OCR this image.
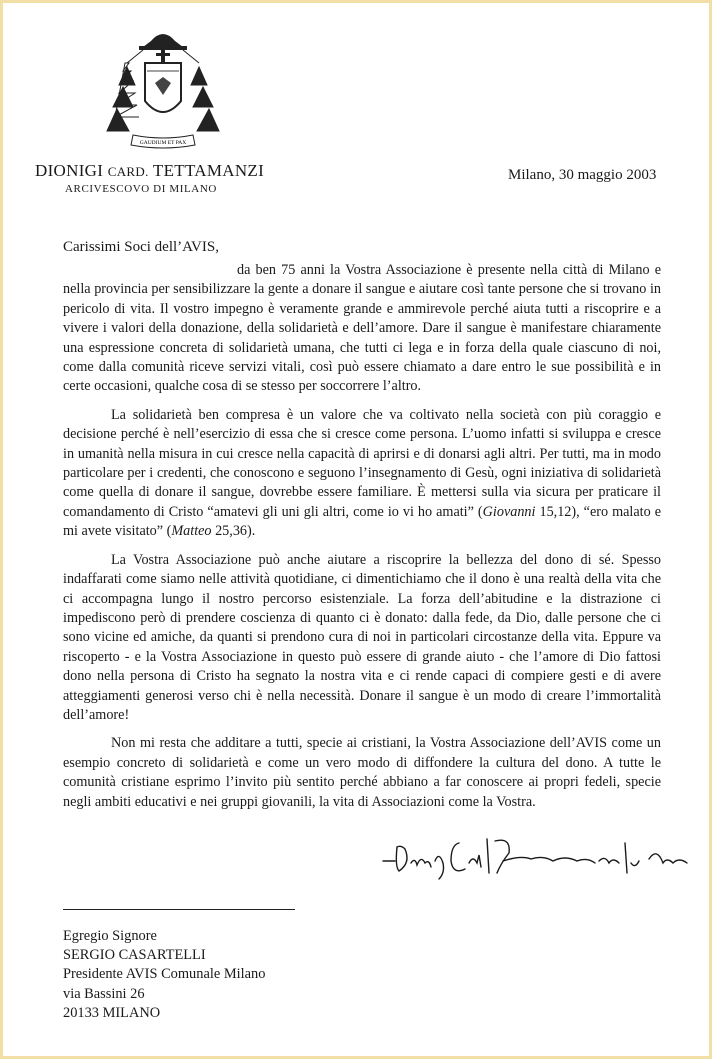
GAUDIUM ET PAX
DIONIGI CARD. TETTAMANZI
ARCIVESCOVO DI MILANO
Milano, 30 maggio 2003
Carissimi Soci dell’AVIS,

da ben 75 anni la Vostra Associazione è presente nella città di Milano e nella provincia per sensibilizzare la gente a donare il sangue e aiutare così tante persone che si trovano in pericolo di vita. Il vostro impegno è veramente grande e ammirevole perché aiuta tutti a riscoprire e a vivere i valori della donazione, della solidarietà e dell’amore. Dare il sangue è manifestare chiaramente una espressione concreta di solidarietà umana, che tutti ci lega e in forza della quale ciascuno di noi, come dalla comunità riceve servizi vitali, così può essere chiamato a dare entro le sue possibilità e in certe occasioni, qualche cosa di se stesso per soccorrere l’altro.

La solidarietà ben compresa è un valore che va coltivato nella società con più coraggio e decisione perché è nell’esercizio di essa che si cresce come persona. L’uomo infatti si sviluppa e cresce in umanità nella misura in cui cresce nella capacità di aprirsi e di donarsi agli altri. Per tutti, ma in modo particolare per i credenti, che conoscono e seguono l’insegnamento di Gesù, ogni iniziativa di solidarietà come quella di donare il sangue, dovrebbe essere familiare. È mettersi sulla via sicura per praticare il comandamento di Cristo “amatevi gli uni gli altri, come io vi ho amati” (Giovanni 15,12), “ero malato e mi avete visitato” (Matteo 25,36).

La Vostra Associazione può anche aiutare a riscoprire la bellezza del dono di sé. Spesso indaffarati come siamo nelle attività quotidiane, ci dimentichiamo che il dono è una realtà della vita che ci accompagna lungo il nostro percorso esistenziale. La forza dell’abitudine e la distrazione ci impediscono però di prendere coscienza di quanto ci è donato: dalla fede, da Dio, dalle persone che ci sono vicine ed amiche, da quanti si prendono cura di noi in particolari circostanze della vita. Eppure va riscoperto - e la Vostra Associazione in questo può essere di grande aiuto - che l’amore di Dio fattosi dono nella persona di Cristo ha segnato la nostra vita e ci rende capaci di compiere gesti e di avere atteggiamenti generosi verso chi è nella necessità. Donare il sangue è un modo di creare l’immortalità dell’amore!

Non mi resta che additare a tutti, specie ai cristiani, la Vostra Associazione dell’AVIS come un esempio concreto di solidarietà e come un vero modo di diffondere la cultura del dono. A tutte le comunità cristiane esprimo l’invito più sentito perché abbiano a far conoscere ai propri fedeli, specie negli ambiti educativi e nei gruppi giovanili, la vita di Associazioni come la Vostra.

Egregio Signore
SERGIO CASARTELLI
Presidente AVIS Comunale Milano
via Bassini 26
20133 MILANO
